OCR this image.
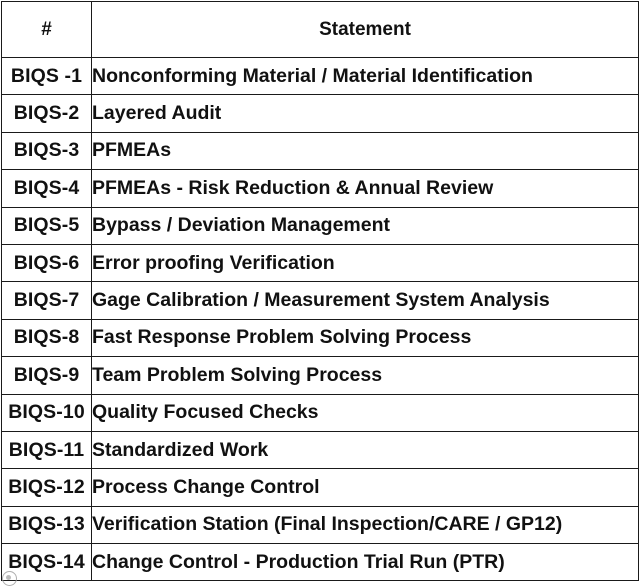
#	Statement
BIQS -1	Nonconforming Material / Material Identification
BIQS-2	Layered Audit
BIQS-3	PFMEAs
BIQS-4	PFMEAs - Risk Reduction & Annual Review
BIQS-5	Bypass / Deviation Management
BIQS-6	Error proofing Verification
BIQS-7	Gage Calibration / Measurement System Analysis
BIQS-8	Fast Response Problem Solving Process
BIQS-9	Team Problem Solving Process
BIQS-10	Quality Focused Checks
BIQS-11	Standardized Work
BIQS-12	Process Change Control
BIQS-13	Verification Station (Final Inspection/CARE / GP12)
BIQS-14	Change Control - Production Trial Run (PTR)
